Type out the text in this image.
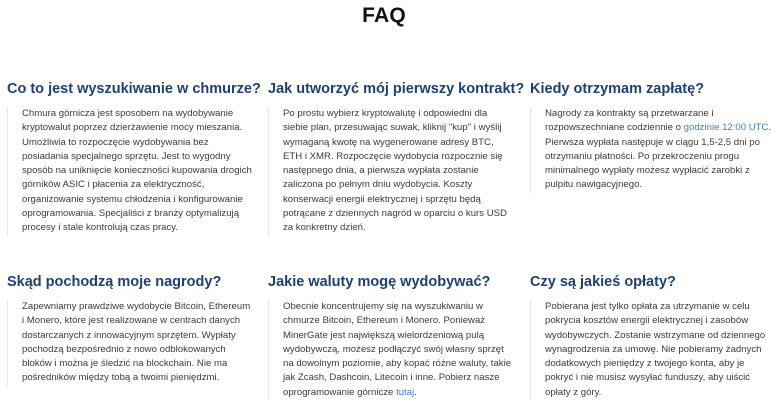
FAQ
Co to jest wyszukiwanie w chmurze?

Chmura górnicza jest sposobem na wydobywanie kryptowalut poprzez dzierżawienie mocy mieszania. Umożliwia to rozpoczęcie wydobywania bez posiadania specjalnego sprzętu. Jest to wygodny sposób na uniknięcie konieczności kupowania drogich górników ASIC i płacenia za elektryczność, organizowanie systemu chłodzenia i konfigurowanie oprogramowania. Specjaliści z branży optymalizują procesy i stale kontrolują czas pracy.

Jak utworzyć mój pierwszy kontrakt?

Po prostu wybierz kryptowalutę i odpowiedni dla siebie plan, przesuwając suwak, kliknij "kup" i wyślij wymaganą kwotę na wygenerowane adresy BTC, ETH i XMR. Rozpoczęcie wydobycia rozpocznie się następnego dnia, a pierwsza wypłata zostanie zaliczona po pełnym dniu wydobycia. Koszty konserwacji energii elektrycznej i sprzętu będą potrącane z dziennych nagród w oparciu o kurs USD za konkretny dzień.

Kiedy otrzymam zapłatę?

Nagrody za kontrakty są przetwarzane i rozpowszechniane codziennie o godzinie 12:00 UTC. Pierwsza wypłata następuje w ciągu 1,5-2,5 dni po otrzymaniu płatności. Po przekroczeniu progu minimalnego wypłaty możesz wypłacić zarobki z pulpitu nawigacyjnego.

Skąd pochodzą moje nagrody?

Zapewniamy prawdziwe wydobycie Bitcoin, Ethereum i Monero, które jest realizowane w centrach danych dostarczanych z innowacyjnym sprzętem. Wypłaty pochodzą bezpośrednio z nowo odblokowanych bloków i można je śledzić na blockchain. Nie ma pośredników między tobą a twoimi pieniędzmi.

Jakie waluty mogę wydobywać?

Obecnie koncentrujemy się na wyszukiwaniu w chmurze Bitcoin, Ethereum i Monero. Ponieważ MinerGate jest największą wielordzeniową pulą wydobywczą, możesz podłączyć swój własny sprzęt na dowolnym poziomie, aby kopać różne waluty, takie jak Zcash, Dashcoin, Litecoin i inne. Pobierz nasze oprogramowanie górnicze tutaj.

Czy są jakieś opłaty?

Pobierana jest tylko opłata za utrzymanie w celu pokrycia kosztów energii elektrycznej i zasobów wydobywczych. Zostanie wstrzymane od dziennego wynagrodzenia za umowę. Nie pobieramy żadnych dodatkowych pieniędzy z twojego konta, aby je pokryć i nie musisz wysyłać funduszy, aby uiścić opłaty z góry.
